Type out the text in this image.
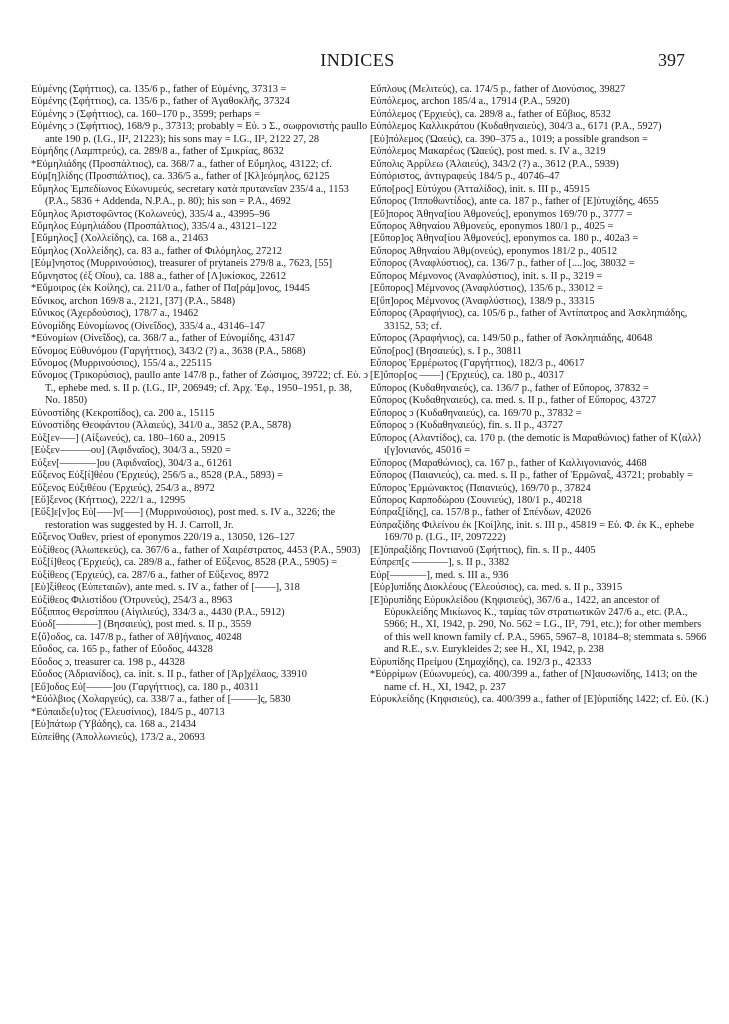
INDICES	397

Εὐμένης (Σφήττιος), ca. 135/6 p., father of Εὐμένης, 37313 =

Εὐμένης (Σφήττιος), ca. 135/6 p., father of Ἀγαθοκλῆς, 37324

Εὐμένης ↄ (Σφήττιος), ca. 160–170 p., 3599; perhaps =

Εὐμένης ↄ (Σφήττιος), 168/9 p., 37313; probably = Εὐ. ↄ Σ., σωφρονιστὴς paullo ante 190 p. (I.G., II², 21223); his sons may = I.G., II², 2122 27, 28

Εὐμήδης (Λαμπτρεύς), ca. 289/8 a., father of Σμικρίας, 8632

*Εὐμηλιάδης (Προσπάλτιος), ca. 368/7 a., father of Εὔμηλος, 43122; cf.

Εὐμ[η]λίδης (Προσπάλτιος), ca. 336/5 a., father of [Κλ]εόμηλος, 62125

Εὔμηλος Ἐμπεδίωνος Εὐωνυμεύς, secretary κατὰ πρυτανεῖαν 235/4 a., 1153 (P.A., 5836 + Addenda, N.P.A., p. 80); his son = P.A., 4692

Εὔμηλος Ἀριστοφῶντος (Κολωνεύς), 335/4 a., 43995–96

Εὔμηλος Εὐμηλιάδου (Προσπάλτιος), 335/4 a., 43121–122

⟦Εὔμηλος⟧ (Χολλείδης), ca. 168 a., 21463

Εὔμηλος (Χολλείδης), ca. 83 a., father of Φιλόμηλος, 27212

[Εὐμ]νηστος (Μυρρινούσιος), treasurer of prytaneis 279/8 a., 7623, [55]

Εὔμνηστος (ἐξ Οἴου), ca. 188 a., father of [Λ]υκίσκος, 22612

*Εὔμοιρος (ἐκ Κοίλης), ca. 211/0 a., father of Πα[ράμ]ονος, 19445

Εὔνικος, archon 169/8 a., 2121, [37] (P.A., 5848)

Εὔνικος (Ἀχερδούσιος), 178/7 a., 19462

Εὐνομίδης Εὐνομίωνος (Οἰνεΐδος), 335/4 a., 43146–147

*Εὐνομίων (Οἰνεΐδος), ca. 368/7 a., father of Εὐνομίδης, 43147

Εὔνομος Εὐθυνόμου (Γαργήττιος), 343/2 (?) a., 3638 (P.A., 5868)

Εὔνομος (Μυρρινούσιος), 155/4 a., 225115

Εὔνομος (Τρικορύσιος), paullo ante 147/8 p., father of Ζώσιμος, 39722; cf. Εὐ. ↄ Τ., ephebe med. s. II p. (I.G., II², 206949; cf. Ἀρχ. Ἐφ., 1950–1951, p. 38, No. 1850)

Εὐνοστίδης (Κεκροπίδος), ca. 200 a., 15115

Εὐνοστίδης Θεοφάντου (Ἁλαιεύς), 341/0 a., 3852 (P.A., 5878)

Εὐξ[εν–––] (Αἰξωνεύς), ca. 180–160 a., 20915

[Εὐξεν––––––ου] (Ἀφιδναῖος), 304/3 a., 5920 =

Εὐξεν[–––––––]ου (Ἀφιδναῖος), 304/3 a., 61261

Εὔξενος Εὐξ[ί]θέου (Ἑρχιεύς), 256/5 a., 8528 (P.A., 5893) =

Εὔξενος Εὐξιθέου (Ἑρχιεύς), 254/3 a., 8972

[Εὔ]ξενος (Κήττιος), 222/1 a., 12995

[Εὔξ]ε[ν]ος Εὐ[–––]ν[–––] (Μυρρινούσιος), post med. s. IV a., 3226; the restoration was suggested by H. J. Carroll, Jr.

Εὔξενος Ὀαθεν, priest of eponymos 220/19 a., 13050, 126–127

Εὐξίθεος (Ἀλωπεκεύς), ca. 367/6 a., father of Χαιρέστρατος, 4453 (P.A., 5903)

Εὐξ[ί]θεος (Ἑρχιεύς), ca. 289/8 a., father of Εὔξενος, 8528 (P.A., 5905) =

Εὐξίθεος (Ἑρχιεύς), ca. 287/6 a., father of Εὔξενος, 8972

[Εὐ]ξίθεος (Εὐπεταιῶν), ante med. s. IV a., father of [––––], 318

Εὐξίθεος Φιλιστίδου (Ὀτρυνεύς), 254/3 a., 8963

Εὔξιππος Θερσίππου (Αἰγιλιεύς), 334/3 a., 4430 (P.A., 5912)

Εὐοδ[––––––––] (Βησαιεύς), post med. s. II p., 3559

Ε⟨ὔ⟩οδος, ca. 147/8 p., father of Ἀθ]ήναιος, 40248

Εὔοδος, ca. 165 p., father of Εὔοδος, 44328

Εὔοδος ↄ, treasurer ca. 198 p., 44328

Εὔοδος (Ἀδριανίδος), ca. init. s. II p., father of [Ἀρ]χέλαος, 33910

[Εὔ]οδος Εὐ[–––––]ου (Γαργήττιος), ca. 180 p., 40311

*Εὐόλβιος (Χολαργεύς), ca. 338/7 a., father of [–––––]ς, 5830

*Εὐπαιδε⟨υ⟩τος (Ἐλευσίνιος), 184/5 p., 40713

[Εὐ]πάτωρ (Ὑβάδης), ca. 168 a., 21434

Εὐπείθης (Ἀπολλωνιεύς), 173/2 a., 20693

Εὔπλους (Μελιτεύς), ca. 174/5 p., father of Διονύσιος, 39827

Εὐπόλεμος, archon 185/4 a., 17914 (P.A., 5920)

Εὐπόλεμος (Ἑρχιεύς), ca. 289/8 a., father of Εὔβιος, 8532

Εὐπόλεμος Καλλικράτου (Κυδαθηναιεύς), 304/3 a., 6171 (P.A., 5927)

[Εὐ]πόλεμος (Ὠαεύς), ca. 390–375 a., 1019; a possible grandson =

Εὐπόλεμος Μακαρέως (Ὠαεύς), post med. s. IV a., 3219

Εὔπολις Ἀρρίλεω (Ἁλαιεύς), 343/2 (?) a., 3612 (P.A., 5939)

Εὐπόριστος, ἀντιγραφεύς 184/5 p., 40746–47

Εὔπο[ρος] Εὐτύχου (Ἀτταλίδος), init. s. III p., 45915

Εὔπορος (Ἱπποθωντίδος), ante ca. 187 p., father of [Ε]ὐτυχίδης, 4655

[Εὔ]πορος Ἀθηνα[ίου Ἀθμονεύς], eponymos 169/70 p., 3777 =

Εὔπορος Ἀθηναίου Ἀθμονεύς, eponymos 180/1 p., 4025 =

[Εὔπορ]ος Ἀθηνα[ίου Ἀθμονεύς], eponymos ca. 180 p., 402a3 =

Εὔπορος Ἀθηναίου Ἀθμ(ονεύς), eponymos 181/2 p., 40512

Εὔπορος (Ἀναφλύστιος), ca. 136/7 p., father of [....]ος, 38032 =

Εὔπορος Μέμνονος (Ἀναφλύστιος), init. s. II p., 3219 =

[Εὔπορος] Μέμνονος (Ἀναφλύστιος), 135/6 p., 33012 =

Ε[ὔπ]ορος Μέμνονος (Ἀναφλύστιος), 138/9 p., 33315

Εὔπορος (Ἀραφήνιος), ca. 105/6 p., father of Ἀντίπατρος and Ἀσκληπιάδης, 33152, 53; cf.

Εὔπορος (Ἀραφήνιος), ca. 149/50 p., father of Ἀσκληπιάδης, 40648

Εὔπο[ρος] (Βησαιεύς), s. I p., 30811

Εὔπορος Ἑρμέρωτος (Γαργήττιος), 182/3 p., 40617

[Ε]ὔπορ[ος ––––] (Ἑρχιεύς), ca. 180 p., 40317

Εὔπορος (Κυδαθηναιεύς), ca. 136/7 p., father of Εὔπορος, 37832 =

Εὔπορος (Κυδαθηναιεύς), ca. med. s. II p., father of Εὔπορος, 43727

Εὔπορος ↄ (Κυδαθηναιεύς), ca. 169/70 p., 37832 =

Εὔπορος ↄ (Κυδαθηναιεύς), fin. s. II p., 43727

Εὔπορος (Αλαντίδος), ca. 170 p. (the demotic is Μαραθώνιος) father of Κ⟨αλλ⟩ι[γ]ονιανός, 45016 =

Εὔπορος (Μαραθώνιος), ca. 167 p., father of Καλλιγονιανός, 4468

Εὔπορος (Παιανιεύς), ca. med. s. II p., father of Ἑρμῶναξ, 43721; probably =

Εὔπορος Ἑρμώνακτος (Παιανιεύς), 169/70 p., 37824

Εὔπορος Καρποδώρου (Σουνιεύς), 180/1 p., 40218

Εὐπραξ[ίδης], ca. 157/8 p., father of Σπένδων, 42026

Εὐπραξίδης Φιλείνου ἐκ [Κοί]λης, init. s. III p., 45819 = Εὐ. Φ. ἐκ Κ., ephebe 169/70 p. (I.G., II², 2097222)

[Ε]ὐπραξίδης Ποντιανοῦ (Σφήττιος), fin. s. II p., 4405

Εὐπρεπ[ς –––––––], s. II p., 3382

Εὐρ[–––––––], med. s. III a., 936

[Εὐρ]υπίδης Διοκλέους (Ἐλεούσιος), ca. med. s. II p., 33915

[Ε]ὐρυπίδης Εὐρυκλείδου (Κηφισιεύς), 367/6 a., 1422, an ancestor of Εὐρυκλείδης Μικίωνος Κ., ταμίας τῶν στρατιωτικῶν 247/6 a., etc. (P.A., 5966; H., XI, 1942, p. 290, No. 562 = I.G., II², 791, etc.); for other members of this well known family cf. P.A., 5965, 5967–8, 10184–8; stemmata s. 5966 and R.E., s.v. Eurykleides 2; see H., XI, 1942, p. 238

Εὐρυπίδης Πρείμου (Σημαχίδης), ca. 192/3 p., 42333

*Εὐρρίμων (Εὐωνυμεύς), ca. 400/399 a., father of [Ν]αυσωνίδης, 1413; on the name cf. H., XI, 1942, p. 237

Εὐρυκλείδης (Κηφισιεύς), ca. 400/399 a., father of [Ε]ὐριπίδης 1422; cf. Εὐ. (Κ.)
